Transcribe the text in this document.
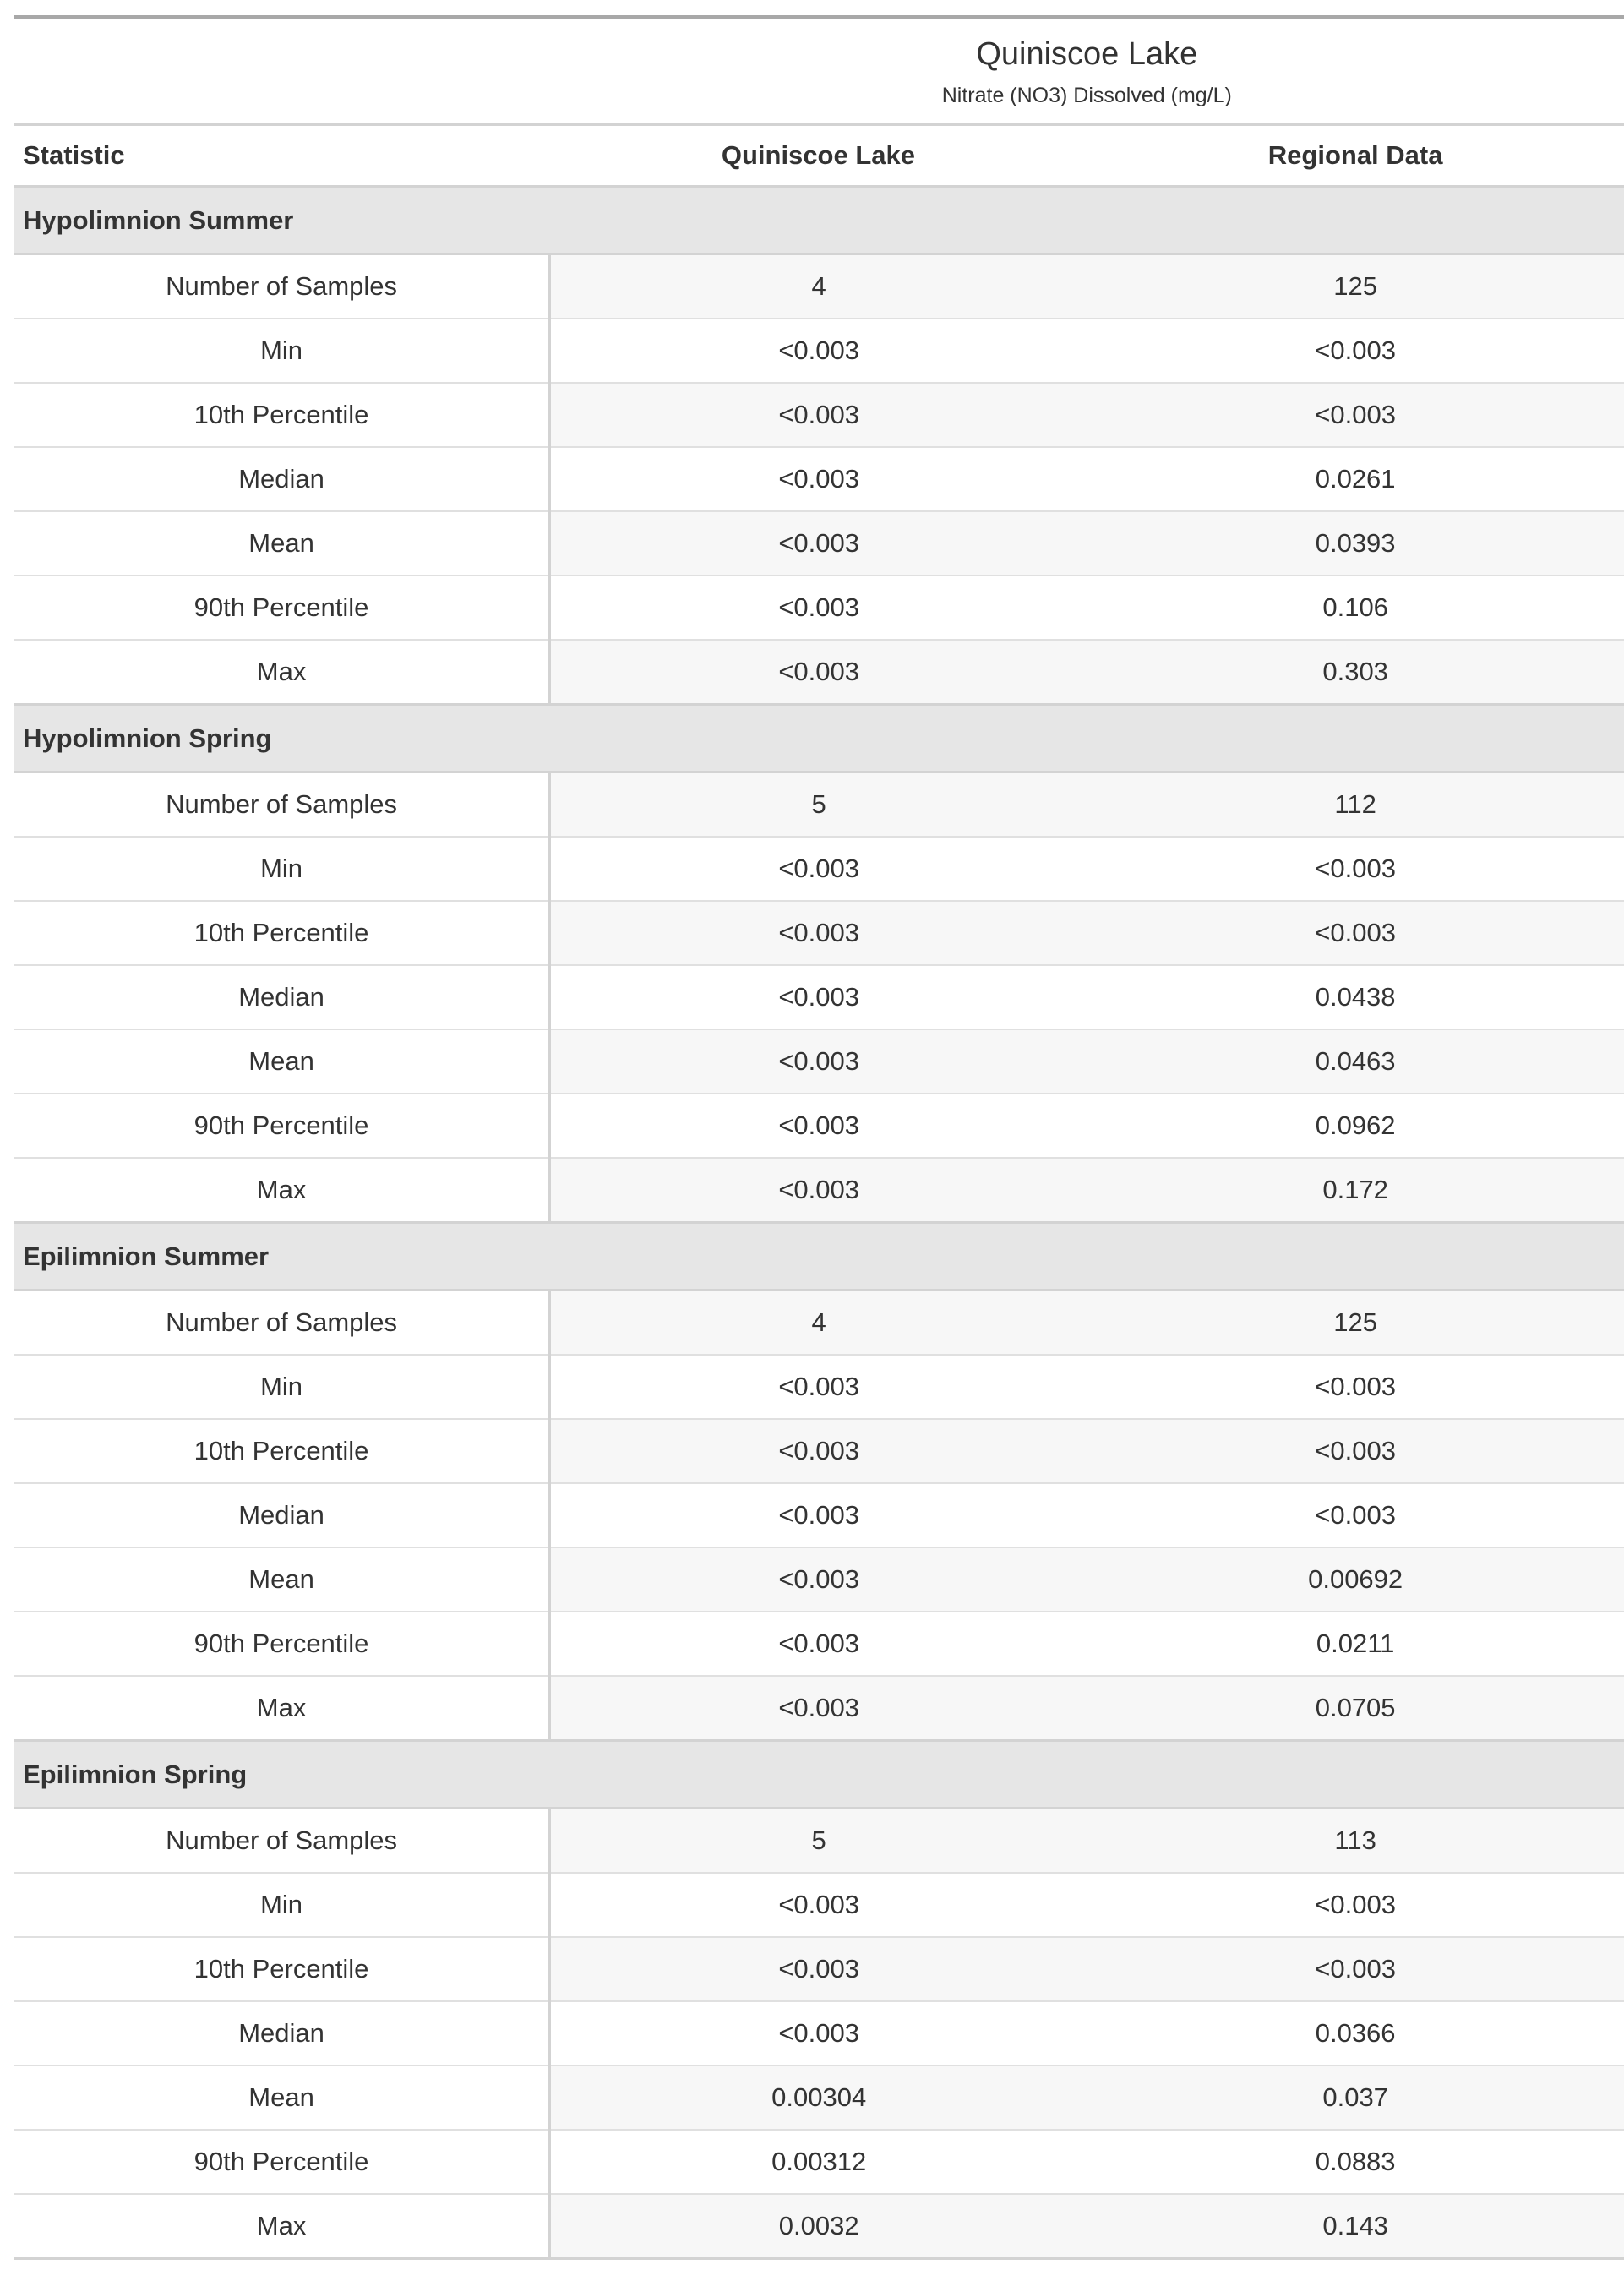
	Quiniscoe Lake
Nitrate (NO3) Dissolved (mg/L)	

Statistic	Quiniscoe Lake	Regional Data
Hypolimnion Summer		
Number of Samples	4	125
Min	<0.003	<0.003
10th Percentile	<0.003	<0.003
Median	<0.003	0.0261
Mean	<0.003	0.0393
90th Percentile	<0.003	0.106
Max	<0.003	0.303
Hypolimnion Spring		
Number of Samples	5	112
Min	<0.003	<0.003
10th Percentile	<0.003	<0.003
Median	<0.003	0.0438
Mean	<0.003	0.0463
90th Percentile	<0.003	0.0962
Max	<0.003	0.172
Epilimnion Summer		
Number of Samples	4	125
Min	<0.003	<0.003
10th Percentile	<0.003	<0.003
Median	<0.003	<0.003
Mean	<0.003	0.00692
90th Percentile	<0.003	0.0211
Max	<0.003	0.0705
Epilimnion Spring		
Number of Samples	5	113
Min	<0.003	<0.003
10th Percentile	<0.003	<0.003
Median	<0.003	0.0366
Mean	0.00304	0.037
90th Percentile	0.00312	0.0883
Max	0.0032	0.143
